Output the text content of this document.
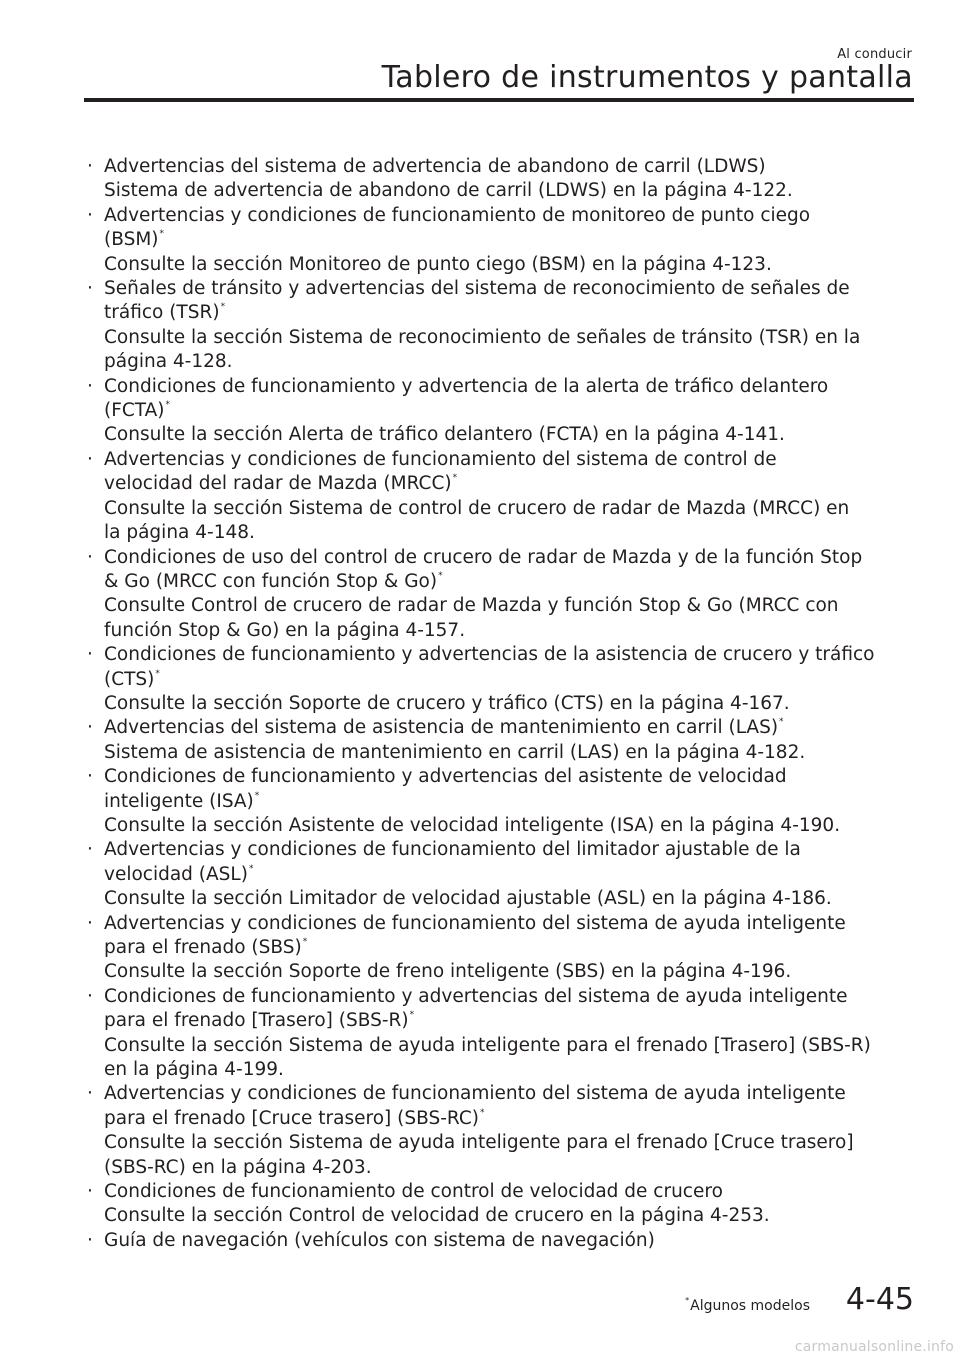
Al conducir
Tablero de instrumentos y pantalla
· Advertencias del sistema de advertencia de abandono de carril (LDWS)
Sistema de advertencia de abandono de carril (LDWS) en la página 4-122.
· Advertencias y condiciones de funcionamiento de monitoreo de punto ciego
(BSM)*
Consulte la sección Monitoreo de punto ciego (BSM) en la página 4-123.
· Señales de tránsito y advertencias del sistema de reconocimiento de señales de
tráfico (TSR)*
Consulte la sección Sistema de reconocimiento de señales de tránsito (TSR) en la
página 4-128.
· Condiciones de funcionamiento y advertencia de la alerta de tráfico delantero
(FCTA)*
Consulte la sección Alerta de tráfico delantero (FCTA) en la página 4-141.
· Advertencias y condiciones de funcionamiento del sistema de control de
velocidad del radar de Mazda (MRCC)*
Consulte la sección Sistema de control de crucero de radar de Mazda (MRCC) en
la página 4-148.
· Condiciones de uso del control de crucero de radar de Mazda y de la función Stop
& Go (MRCC con función Stop & Go)*
Consulte Control de crucero de radar de Mazda y función Stop & Go (MRCC con
función Stop & Go) en la página 4-157.
· Condiciones de funcionamiento y advertencias de la asistencia de crucero y tráfico
(CTS)*
Consulte la sección Soporte de crucero y tráfico (CTS) en la página 4-167.
· Advertencias del sistema de asistencia de mantenimiento en carril (LAS)*
Sistema de asistencia de mantenimiento en carril (LAS) en la página 4-182.
· Condiciones de funcionamiento y advertencias del asistente de velocidad
inteligente (ISA)*
Consulte la sección Asistente de velocidad inteligente (ISA) en la página 4-190.
· Advertencias y condiciones de funcionamiento del limitador ajustable de la
velocidad (ASL)*
Consulte la sección Limitador de velocidad ajustable (ASL) en la página 4-186.
· Advertencias y condiciones de funcionamiento del sistema de ayuda inteligente
para el frenado (SBS)*
Consulte la sección Soporte de freno inteligente (SBS) en la página 4-196.
· Condiciones de funcionamiento y advertencias del sistema de ayuda inteligente
para el frenado [Trasero] (SBS-R)*
Consulte la sección Sistema de ayuda inteligente para el frenado [Trasero] (SBS-R)
en la página 4-199.
· Advertencias y condiciones de funcionamiento del sistema de ayuda inteligente
para el frenado [Cruce trasero] (SBS-RC)*
Consulte la sección Sistema de ayuda inteligente para el frenado [Cruce trasero]
(SBS-RC) en la página 4-203.
· Condiciones de funcionamiento de control de velocidad de crucero
Consulte la sección Control de velocidad de crucero en la página 4-253.
· Guía de navegación (vehículos con sistema de navegación)
*Algunos modelos 4-45
carmanualsonline.info
